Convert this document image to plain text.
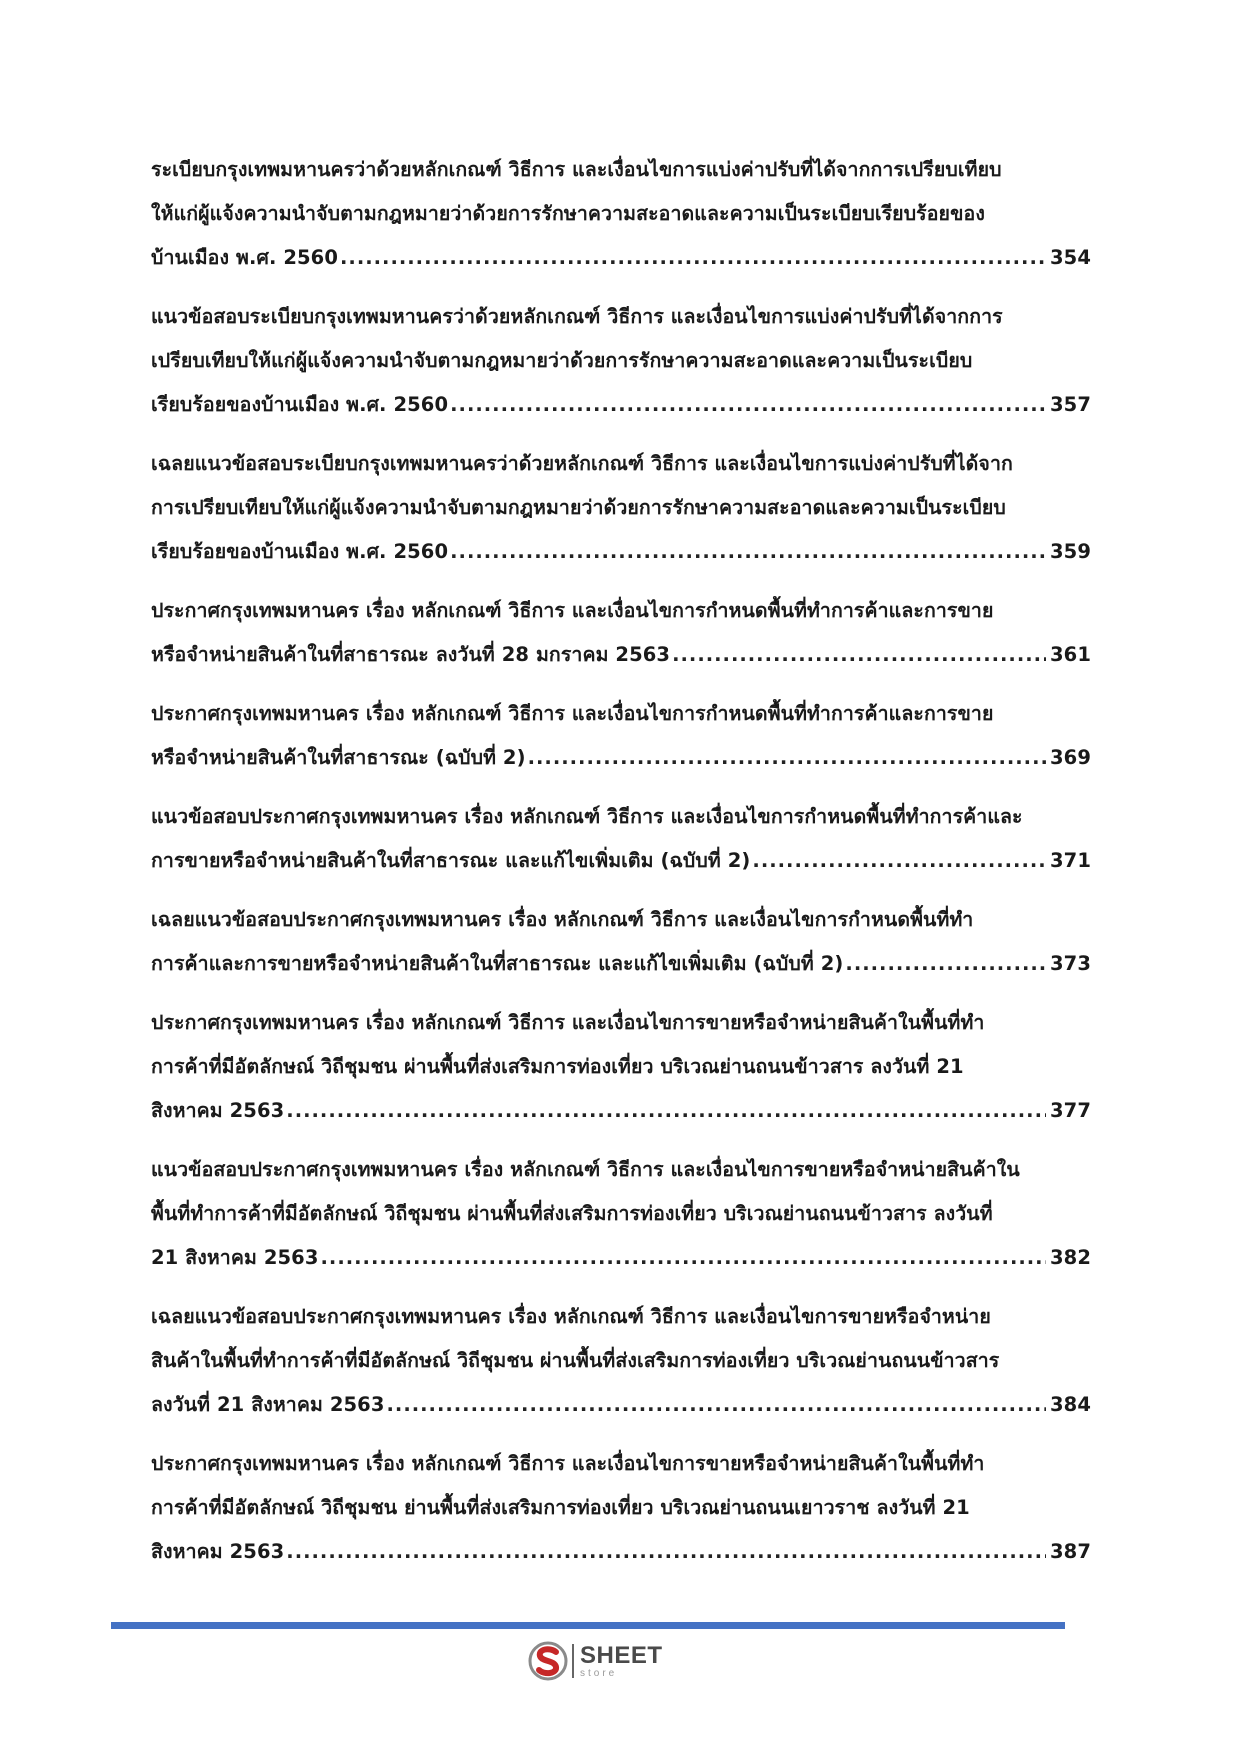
ระเบียบกรุงเทพมหานครว่าด้วยหลักเกณฑ์ วิธีการ และเงื่อนไขการแบ่งค่าปรับที่ได้จากการเปรียบเทียบ
ให้แก่ผู้แจ้งความนำจับตามกฎหมายว่าด้วยการรักษาความสะอาดและความเป็นระเบียบเรียบร้อยของ
บ้านเมือง พ.ศ. 2560 .....	354
แนวข้อสอบระเบียบกรุงเทพมหานครว่าด้วยหลักเกณฑ์ วิธีการ และเงื่อนไขการแบ่งค่าปรับที่ได้จากการ
เปรียบเทียบให้แก่ผู้แจ้งความนำจับตามกฎหมายว่าด้วยการรักษาความสะอาดและความเป็นระเบียบ
เรียบร้อยของบ้านเมือง พ.ศ. 2560 .....	357
เฉลยแนวข้อสอบระเบียบกรุงเทพมหานครว่าด้วยหลักเกณฑ์ วิธีการ และเงื่อนไขการแบ่งค่าปรับที่ได้จาก
การเปรียบเทียบให้แก่ผู้แจ้งความนำจับตามกฎหมายว่าด้วยการรักษาความสะอาดและความเป็นระเบียบ
เรียบร้อยของบ้านเมือง พ.ศ. 2560 .....	359
ประกาศกรุงเทพมหานคร เรื่อง หลักเกณฑ์ วิธีการ และเงื่อนไขการกำหนดพื้นที่ทำการค้าและการขาย
หรือจำหน่ายสินค้าในที่สาธารณะ ลงวันที่ 28 มกราคม 2563 .....	361
ประกาศกรุงเทพมหานคร เรื่อง หลักเกณฑ์ วิธีการ และเงื่อนไขการกำหนดพื้นที่ทำการค้าและการขาย
หรือจำหน่ายสินค้าในที่สาธารณะ (ฉบับที่ 2) .....	369
แนวข้อสอบประกาศกรุงเทพมหานคร เรื่อง หลักเกณฑ์ วิธีการ และเงื่อนไขการกำหนดพื้นที่ทำการค้าและ
การขายหรือจำหน่ายสินค้าในที่สาธารณะ และแก้ไขเพิ่มเติม (ฉบับที่ 2) .....	371
เฉลยแนวข้อสอบประกาศกรุงเทพมหานคร เรื่อง หลักเกณฑ์ วิธีการ และเงื่อนไขการกำหนดพื้นที่ทำ
การค้าและการขายหรือจำหน่ายสินค้าในที่สาธารณะ และแก้ไขเพิ่มเติม (ฉบับที่ 2) .....	373
ประกาศกรุงเทพมหานคร เรื่อง หลักเกณฑ์ วิธีการ และเงื่อนไขการขายหรือจำหน่ายสินค้าในพื้นที่ทำ
การค้าที่มีอัตลักษณ์ วิถีชุมชน ผ่านพื้นที่ส่งเสริมการท่องเที่ยว บริเวณย่านถนนข้าวสาร ลงวันที่ 21
สิงหาคม 2563 .....	377
แนวข้อสอบประกาศกรุงเทพมหานคร เรื่อง หลักเกณฑ์ วิธีการ และเงื่อนไขการขายหรือจำหน่ายสินค้าใน
พื้นที่ทำการค้าที่มีอัตลักษณ์ วิถีชุมชน ผ่านพื้นที่ส่งเสริมการท่องเที่ยว บริเวณย่านถนนข้าวสาร ลงวันที่
21 สิงหาคม 2563 .....	382
เฉลยแนวข้อสอบประกาศกรุงเทพมหานคร เรื่อง หลักเกณฑ์ วิธีการ และเงื่อนไขการขายหรือจำหน่าย
สินค้าในพื้นที่ทำการค้าที่มีอัตลักษณ์ วิถีชุมชน ผ่านพื้นที่ส่งเสริมการท่องเที่ยว บริเวณย่านถนนข้าวสาร
ลงวันที่ 21 สิงหาคม 2563 .....	384
ประกาศกรุงเทพมหานคร เรื่อง หลักเกณฑ์ วิธีการ และเงื่อนไขการขายหรือจำหน่ายสินค้าในพื้นที่ทำ
การค้าที่มีอัตลักษณ์ วิถีชุมชน ย่านพื้นที่ส่งเสริมการท่องเที่ยว บริเวณย่านถนนเยาวราช ลงวันที่ 21
สิงหาคม 2563 .....	387
SHEET
store
